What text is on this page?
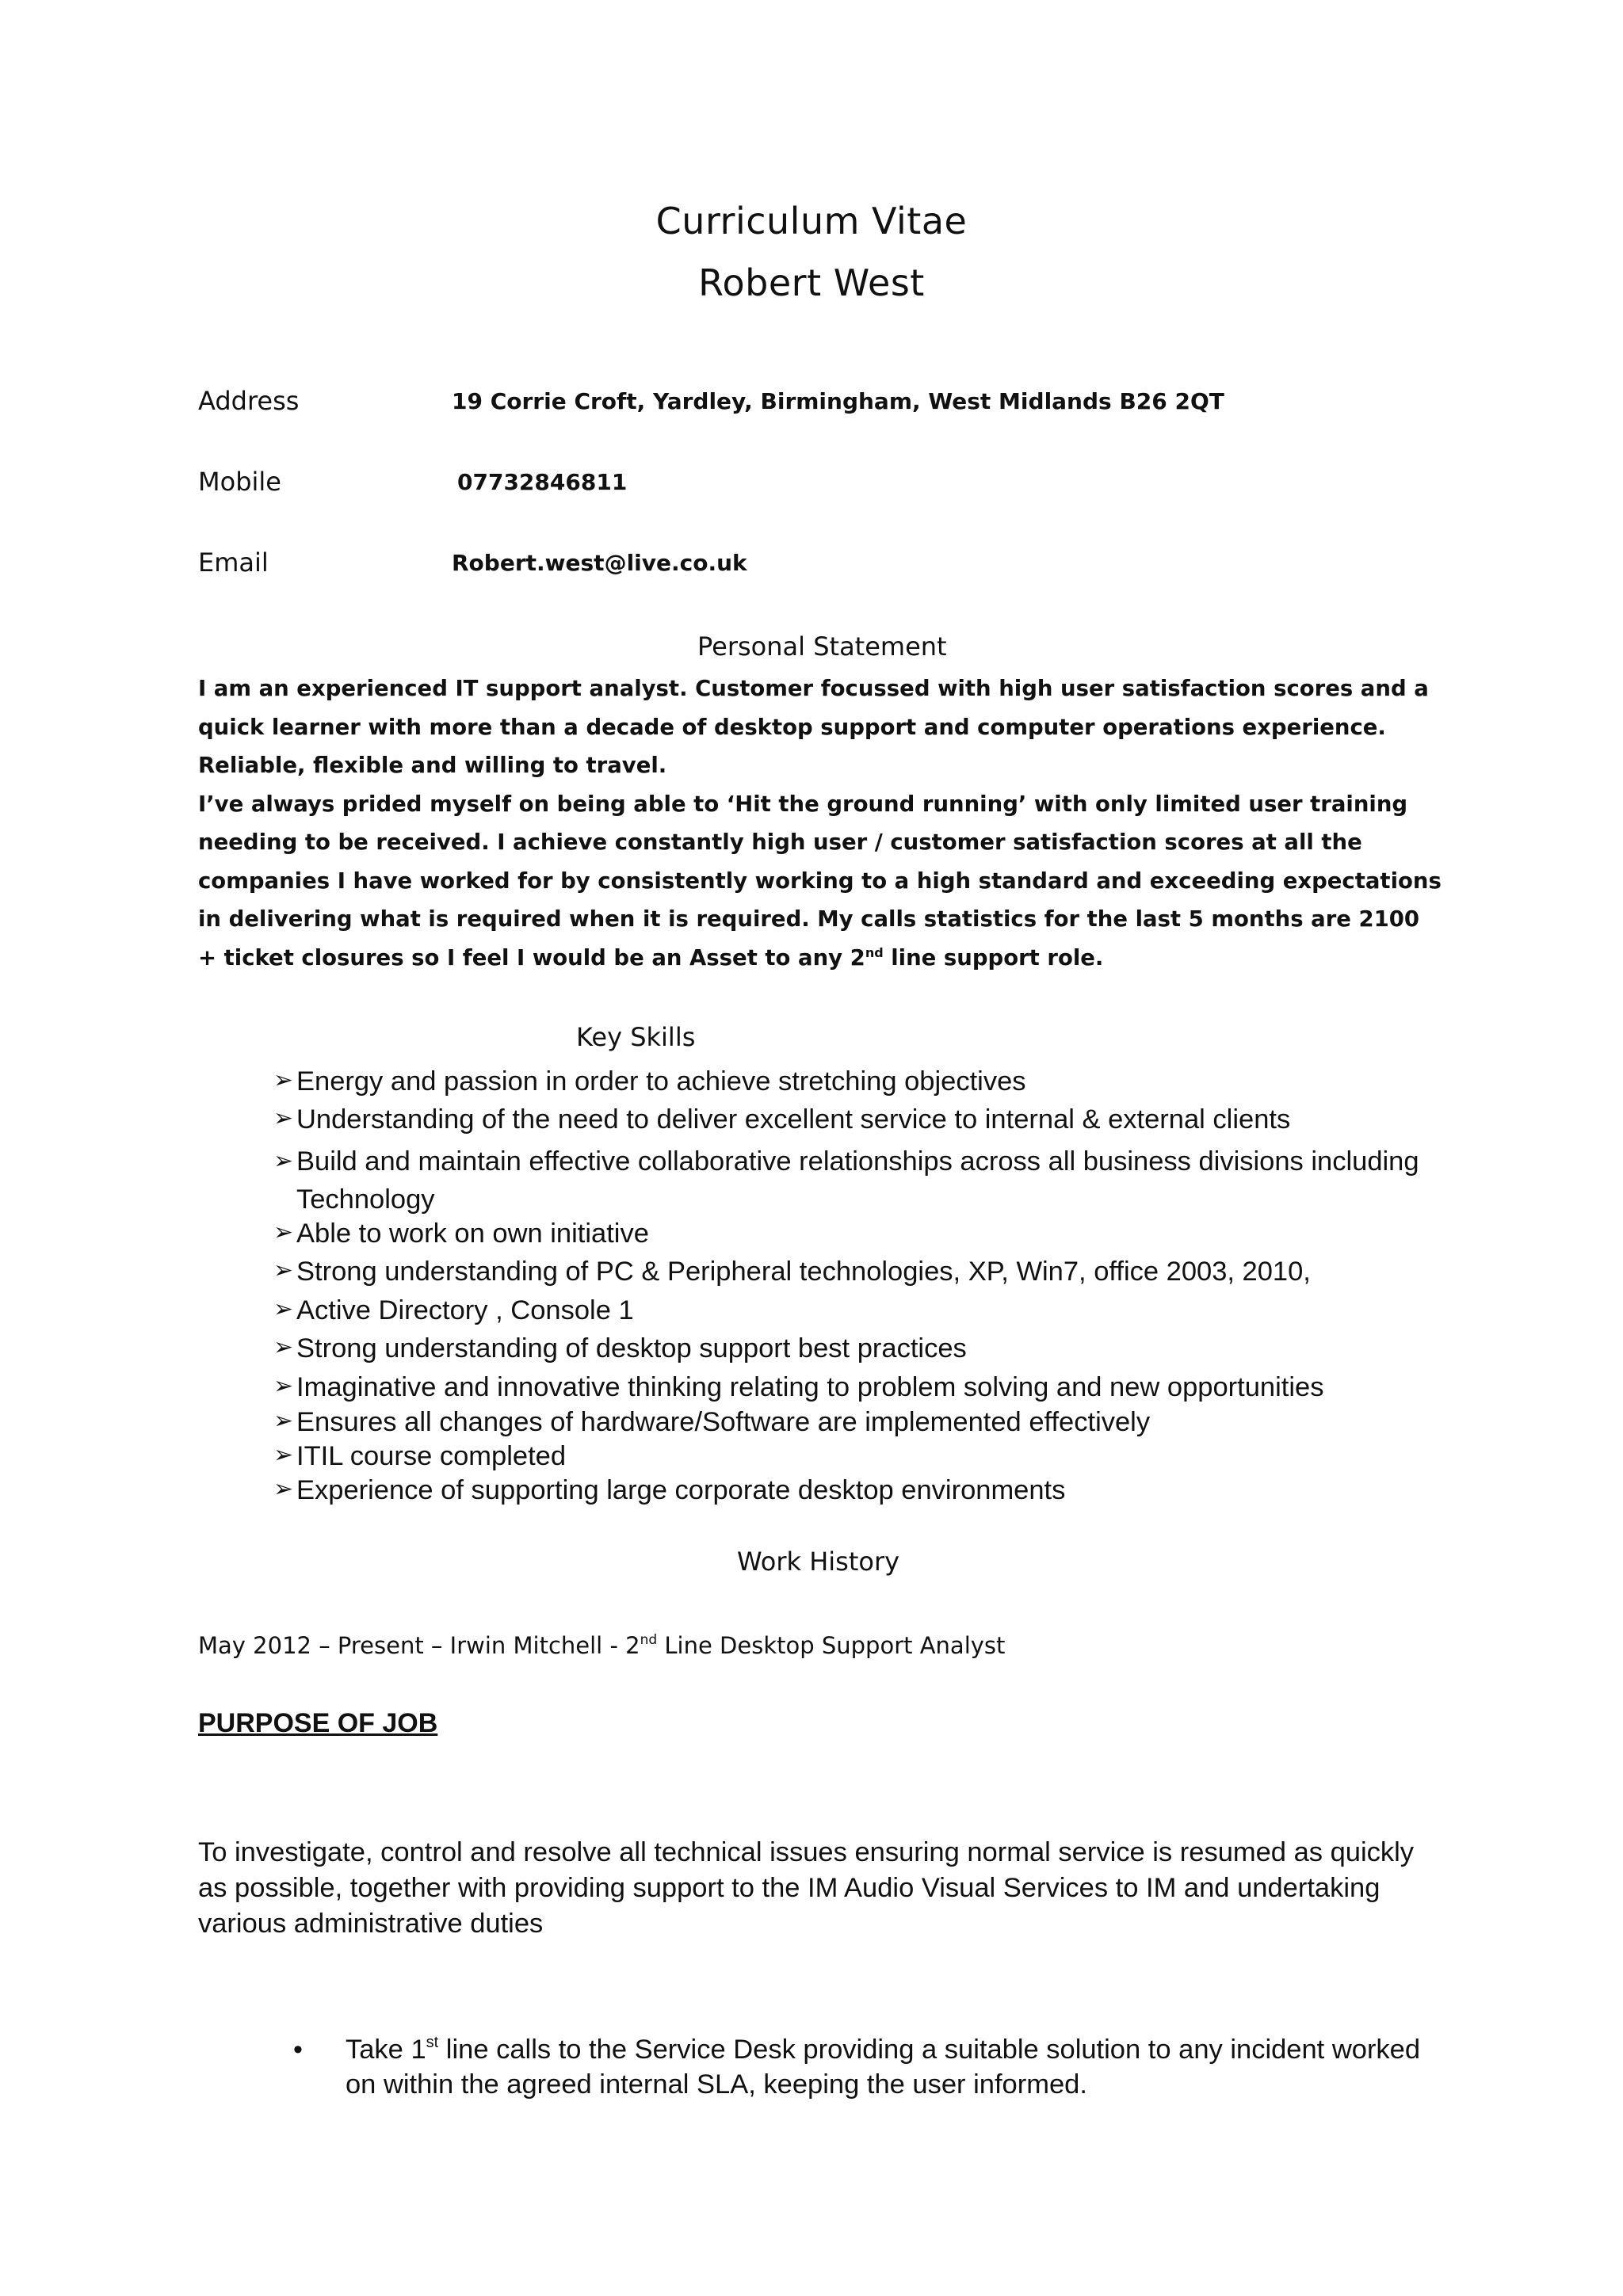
Curriculum Vitae
Robert West
Address	19 Corrie Croft, Yardley, Birmingham, West Midlands B26 2QT
Mobile	07732846811
Email	Robert.west@live.co.uk
Personal Statement

I am an experienced IT support analyst. Customer focussed with high user satisfaction scores and a quick learner with more than a decade of desktop support and computer operations experience. Reliable, flexible and willing to travel.

I’ve always prided myself on being able to ‘Hit the ground running’ with only limited user training needing to be received. I achieve constantly high user / customer satisfaction scores at all the companies I have worked for by consistently working to a high standard and exceeding expectations in delivering what is required when it is required. My calls statistics for the last 5 months are 2100 + ticket closures so I feel I would be an Asset to any 2nd line support role.

Key Skills
➢ Energy and passion in order to achieve stretching objectives
➢ Understanding of the need to deliver excellent service to internal & external clients
➢ Build and maintain effective collaborative relationships across all business divisions including Technology
➢ Able to work on own initiative
➢ Strong understanding of PC & Peripheral technologies, XP, Win7, office 2003, 2010,
➢ Active Directory , Console 1
➢ Strong understanding of desktop support best practices
➢ Imaginative and innovative thinking relating to problem solving and new opportunities
➢ Ensures all changes of hardware/Software are implemented effectively
➢ ITIL course completed
➢ Experience of supporting large corporate desktop environments
Work History
May 2012 – Present – Irwin Mitchell - 2nd Line Desktop Support Analyst
PURPOSE OF JOB

To investigate, control and resolve all technical issues ensuring normal service is resumed as quickly as possible, together with providing support to the IM Audio Visual Services to IM and undertaking various administrative duties

• Take 1st line calls to the Service Desk providing a suitable solution to any incident worked on within the agreed internal SLA, keeping the user informed.
